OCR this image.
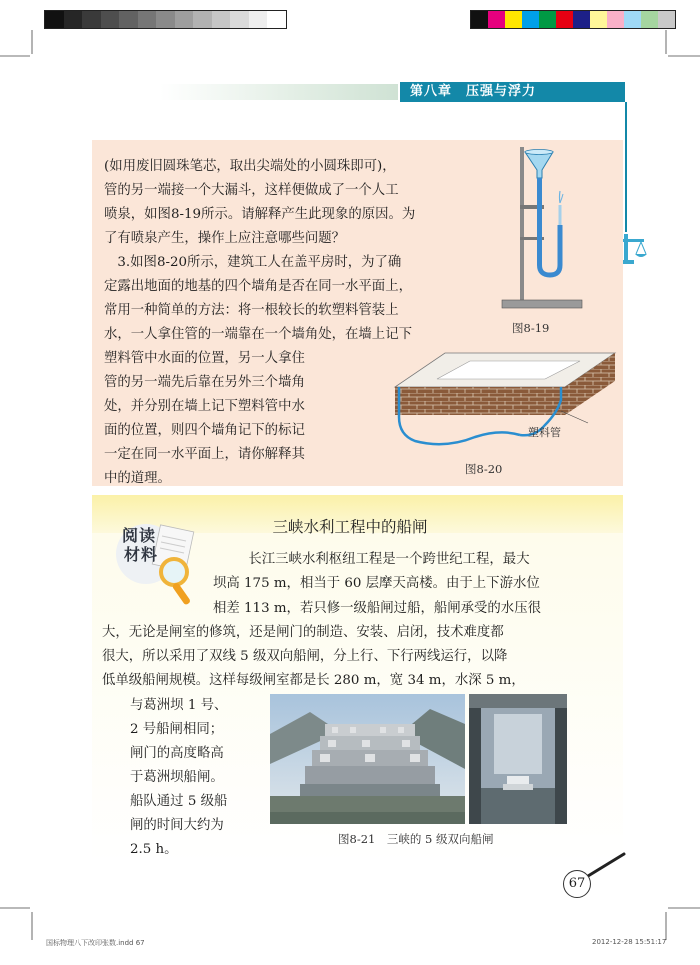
第八章　压强与浮力
(如用废旧圆珠笔芯，取出尖端处的小圆珠即可)，
管的另一端接一个大漏斗，这样便做成了一个人工
喷泉，如图8-19所示。请解释产生此现象的原因。为
了有喷泉产生，操作上应注意哪些问题？
　3.如图8-20所示，建筑工人在盖平房时，为了确
定露出地面的地基的四个墙角是否在同一水平面上，
常用一种简单的方法：将一根较长的软塑料管装上
水，一人拿住管的一端靠在一个墙角处，在墙上记下
塑料管中水面的位置，另一人拿住
管的另一端先后靠在另外三个墙角
处，并分别在墙上记下塑料管中水
面的位置，则四个墙角记下的标记
一定在同一水平面上，请你解释其
中的道理。
图8-19
塑料管
图8-20
阅读
材料
三峡水利工程中的船闸
　长江三峡水利枢纽工程是一个跨世纪工程，最大
坝高 175 m，相当于 60 层摩天高楼。由于上下游水位
相差 113 m，若只修一级船闸过船，船闸承受的水压很
大，无论是闸室的修筑，还是闸门的制造、安装、启闭，技术难度都
很大，所以采用了双线 5 级双向船闸，分上行、下行两线运行，以降
低单级船闸规模。这样每级闸室都是长 280 m，宽 34 m，水深 5 m，
与葛洲坝 1 号、
2 号船闸相同；
闸门的高度略高
于葛洲坝船闸。
船队通过 5 级船
闸的时间大约为
2.5 h。
图8-21　三峡的 5 级双向船闸
67
国标物理八下改印张数.indd 67	2012-12-28 15:51:17
